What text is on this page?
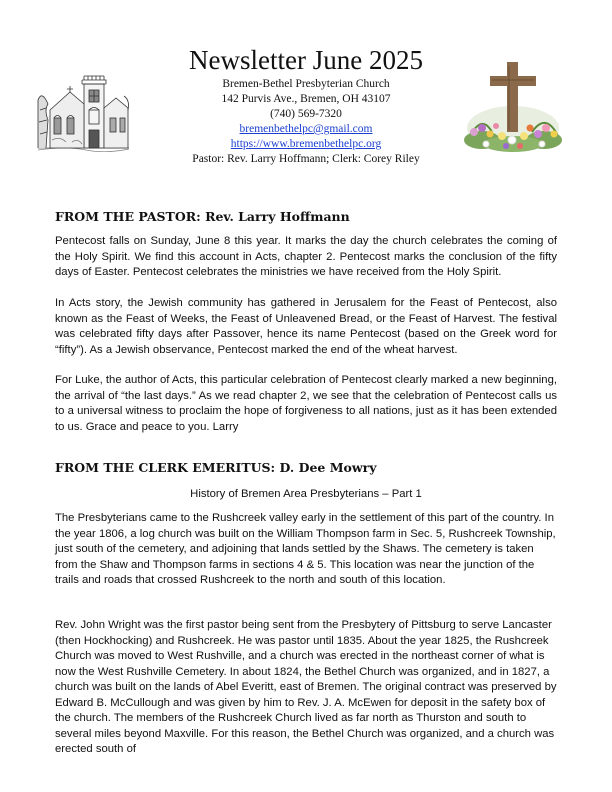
Newsletter June 2025
Bremen-Bethel Presbyterian Church
142 Purvis Ave., Bremen, OH 43107
(740) 569-7320
bremenbethelpc@gmail.com
https://www.bremenbethelpc.org
Pastor: Rev. Larry Hoffmann; Clerk: Corey Riley
FROM THE PASTOR: Rev. Larry Hoffmann

Pentecost falls on Sunday, June 8 this year. It marks the day the church celebrates the coming of the Holy Spirit. We find this account in Acts, chapter 2. Pentecost marks the conclusion of the fifty days of Easter. Pentecost celebrates the ministries we have received from the Holy Spirit.

In Acts story, the Jewish community has gathered in Jerusalem for the Feast of Pentecost, also known as the Feast of Weeks, the Feast of Unleavened Bread, or the Feast of Harvest. The festival was celebrated fifty days after Passover, hence its name Pentecost (based on the Greek word for “fifty”). As a Jewish observance, Pentecost marked the end of the wheat harvest.

For Luke, the author of Acts, this particular celebration of Pentecost clearly marked a new beginning, the arrival of “the last days.” As we read chapter 2, we see that the celebration of Pentecost calls us to a universal witness to proclaim the hope of forgiveness to all nations, just as it has been extended to us. Grace and peace to you. Larry

FROM THE CLERK EMERITUS: D. Dee Mowry
History of Bremen Area Presbyterians – Part 1

The Presbyterians came to the Rushcreek valley early in the settlement of this part of the country. In the year 1806, a log church was built on the William Thompson farm in Sec. 5, Rushcreek Township, just south of the cemetery, and adjoining that lands settled by the Shaws. The cemetery is taken from the Shaw and Thompson farms in sections 4 & 5. This location was near the junction of the trails and roads that crossed Rushcreek to the north and south of this location.

Rev. John Wright was the first pastor being sent from the Presbytery of Pittsburg to serve Lancaster (then Hockhocking) and Rushcreek. He was pastor until 1835. About the year 1825, the Rushcreek Church was moved to West Rushville, and a church was erected in the northeast corner of what is now the West Rushville Cemetery. In about 1824, the Bethel Church was organized, and in 1827, a church was built on the lands of Abel Everitt, east of Bremen. The original contract was preserved by Edward B. McCullough and was given by him to Rev. J. A. McEwen for deposit in the safety box of the church. The members of the Rushcreek Church lived as far north as Thurston and south to several miles beyond Maxville. For this reason, the Bethel Church was organized, and a church was erected south of
